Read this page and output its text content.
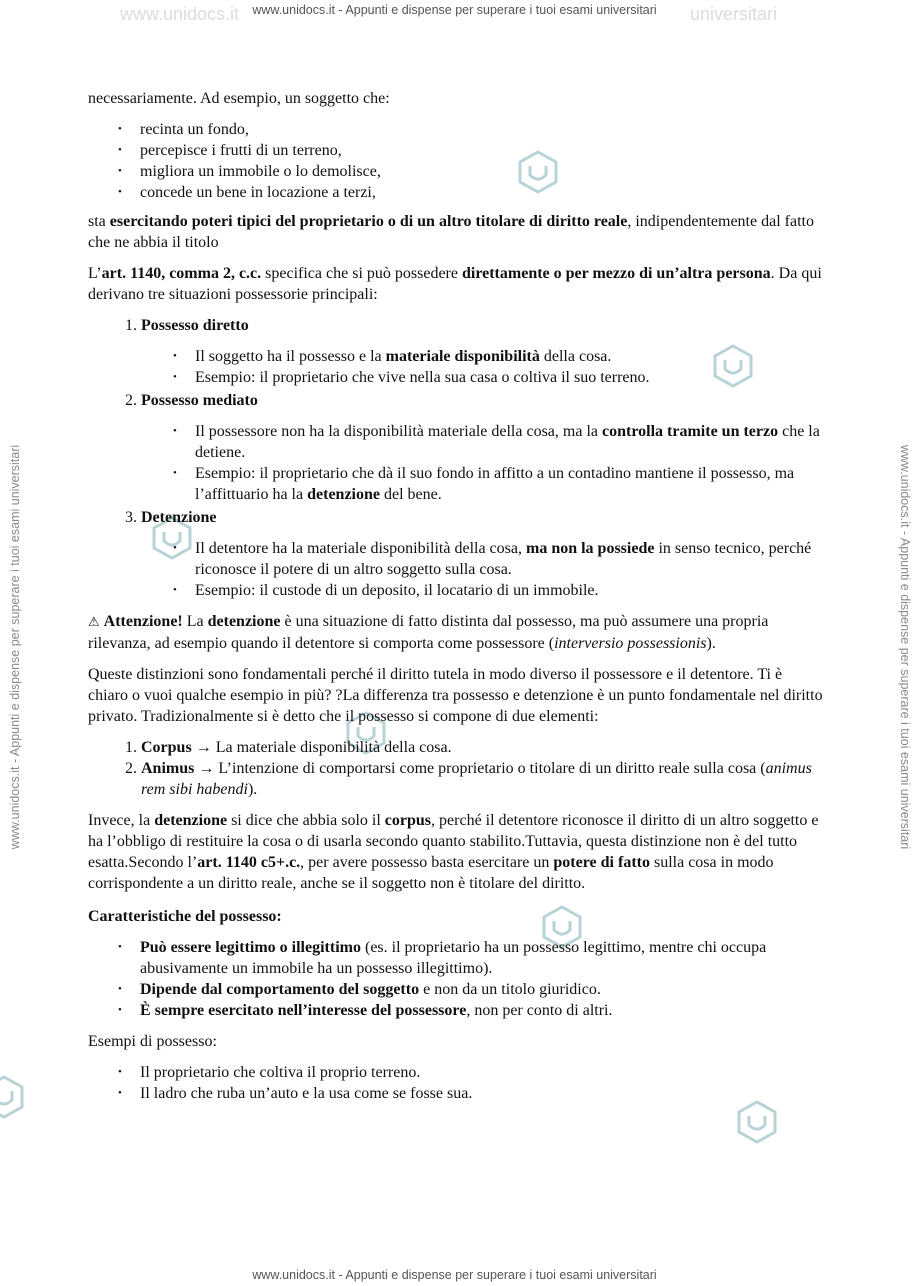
www.unidocs.it	universitari
www.unidocs.it - Appunti e dispense per superare i tuoi esami universitari
www.unidocs.it - Appunti e dispense per superare i tuoi esami universitari
www.unidocs.it - Appunti e dispense per superare i tuoi esami universitari	www.unidocs.it - Appunti e dispense per superare i tuoi esami universitari

necessariamente. Ad esempio, un soggetto che:

• recinta un fondo,
• percepisce i frutti di un terreno,
• migliora un immobile o lo demolisce,
• concede un bene in locazione a terzi,

sta esercitando poteri tipici del proprietario o di un altro titolare di diritto reale, indipendentemente dal fatto che ne abbia il titolo

L’art. 1140, comma 2, c.c. specifica che si può possedere direttamente o per mezzo di un’altra persona. Da qui derivano tre situazioni possessorie principali:

1. Possesso diretto
• Il soggetto ha il possesso e la materiale disponibilità della cosa.
• Esempio: il proprietario che vive nella sua casa o coltiva il suo terreno.
2. Possesso mediato
• Il possessore non ha la disponibilità materiale della cosa, ma la controlla tramite un terzo che la detiene.
• Esempio: il proprietario che dà il suo fondo in affitto a un contadino mantiene il possesso, ma l’affittuario ha la detenzione del bene.
3. Detenzione
• Il detentore ha la materiale disponibilità della cosa, ma non la possiede in senso tecnico, perché riconosce il potere di un altro soggetto sulla cosa.
• Esempio: il custode di un deposito, il locatario di un immobile.

⚠ Attenzione! La detenzione è una situazione di fatto distinta dal possesso, ma può assumere una propria rilevanza, ad esempio quando il detentore si comporta come possessore (interversio possessionis).

Queste distinzioni sono fondamentali perché il diritto tutela in modo diverso il possessore e il detentore. Ti è chiaro o vuoi qualche esempio in più? ?La differenza tra possesso e detenzione è un punto fondamentale nel diritto privato. Tradizionalmente si è detto che il possesso si compone di due elementi:

1. Corpus → La materiale disponibilità della cosa.
2. Animus → L’intenzione di comportarsi come proprietario o titolare di un diritto reale sulla cosa (animus rem sibi habendi).

Invece, la detenzione si dice che abbia solo il corpus, perché il detentore riconosce il diritto di un altro soggetto e ha l’obbligo di restituire la cosa o di usarla secondo quanto stabilito.Tuttavia, questa distinzione non è del tutto esatta.Secondo l’art. 1140 c5+.c., per avere possesso basta esercitare un potere di fatto sulla cosa in modo corrispondente a un diritto reale, anche se il soggetto non è titolare del diritto.

Caratteristiche del possesso:

• Può essere legittimo o illegittimo (es. il proprietario ha un possesso legittimo, mentre chi occupa abusivamente un immobile ha un possesso illegittimo).
• Dipende dal comportamento del soggetto e non da un titolo giuridico.
• È sempre esercitato nell’interesse del possessore, non per conto di altri.

Esempi di possesso:

• Il proprietario che coltiva il proprio terreno.
• Il ladro che ruba un’auto e la usa come se fosse sua.
